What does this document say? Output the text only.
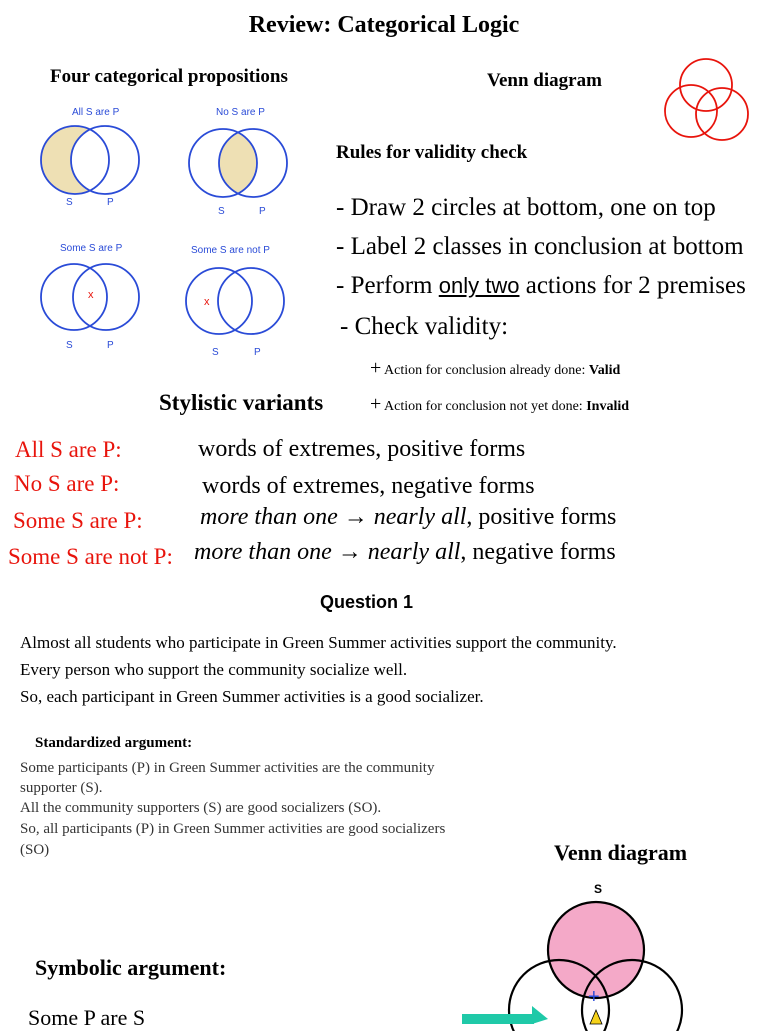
Review: Categorical Logic
Four categorical propositions
All S are P
S	P
No S are P
S	P
Some S are P
x
S	P
Some S are not P
x
S	P
Venn diagram
Rules for validity check
- Draw 2 circles at bottom, one on top
- Label 2 classes in conclusion at bottom
- Perform only two actions for 2 premises
- Check validity:
+ Action for conclusion already done: Valid
+ Action for conclusion not yet done: Invalid
Stylistic variants
All S are P:	words of extremes, positive forms
No S are P:	words of extremes, negative forms
Some S are P: more than one → nearly all, positive forms
Some S are not P: more than one → nearly all, negative forms
Question 1
Almost all students who participate in Green Summer activities support the community.
Every person who support the community socialize well.
So, each participant in Green Summer activities is a good socializer.
Standardized argument:
Some participants (P) in Green Summer activities are the community
supporter (S).
All the community supporters (S) are good socializers (SO).
So, all participants (P) in Green Summer activities are good socializers
(SO)	Venn diagram
S
+
Symbolic argument:
Some P are S
